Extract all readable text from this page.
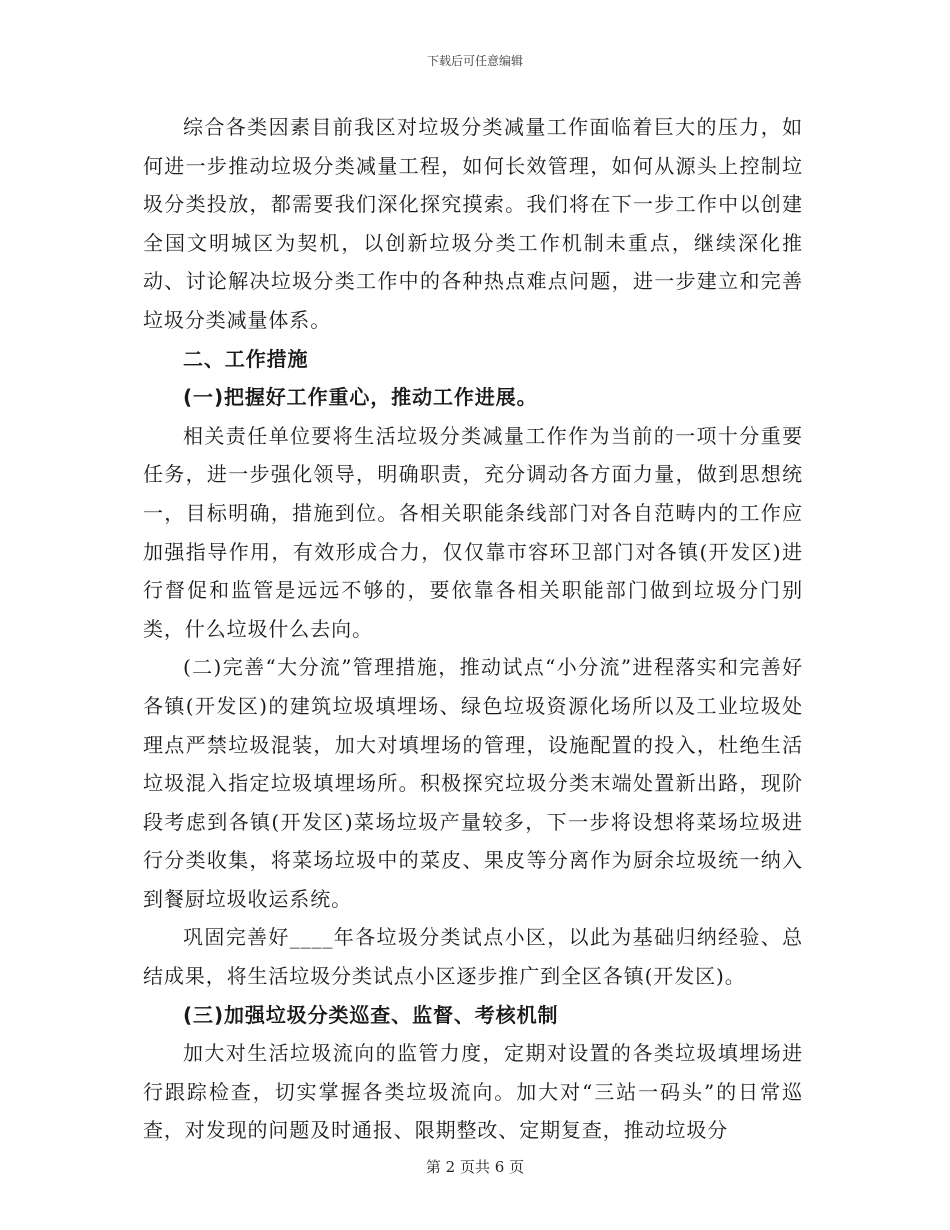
下载后可任意编辑

综合各类因素目前我区对垃圾分类减量工作面临着巨大的压力，如何进一步推动垃圾分类减量工程，如何长效管理，如何从源头上控制垃圾分类投放，都需要我们深化探究摸索。我们将在下一步工作中以创建全国文明城区为契机，以创新垃圾分类工作机制未重点，继续深化推动、讨论解决垃圾分类工作中的各种热点难点问题，进一步建立和完善垃圾分类减量体系。

二、工作措施

(一)把握好工作重心，推动工作进展。

相关责任单位要将生活垃圾分类减量工作作为当前的一项十分重要任务，进一步强化领导，明确职责，充分调动各方面力量，做到思想统一，目标明确，措施到位。各相关职能条线部门对各自范畴内的工作应加强指导作用，有效形成合力，仅仅靠市容环卫部门对各镇(开发区)进行督促和监管是远远不够的，要依靠各相关职能部门做到垃圾分门别类，什么垃圾什么去向。

(二)完善“大分流”管理措施，推动试点“小分流”进程落实和完善好各镇(开发区)的建筑垃圾填埋场、绿色垃圾资源化场所以及工业垃圾处理点严禁垃圾混装，加大对填埋场的管理，设施配置的投入，杜绝生活垃圾混入指定垃圾填埋场所。积极探究垃圾分类末端处置新出路，现阶段考虑到各镇(开发区)菜场垃圾产量较多，下一步将设想将菜场垃圾进行分类收集，将菜场垃圾中的菜皮、果皮等分离作为厨余垃圾统一纳入到餐厨垃圾收运系统。

巩固完善好____年各垃圾分类试点小区，以此为基础归纳经验、总结成果，将生活垃圾分类试点小区逐步推广到全区各镇(开发区)。

(三)加强垃圾分类巡查、监督、考核机制

加大对生活垃圾流向的监管力度，定期对设置的各类垃圾填埋场进行跟踪检查，切实掌握各类垃圾流向。加大对“三站一码头”的日常巡查，对发现的问题及时通报、限期整改、定期复查，推动垃圾分

第 2 页共 6 页
